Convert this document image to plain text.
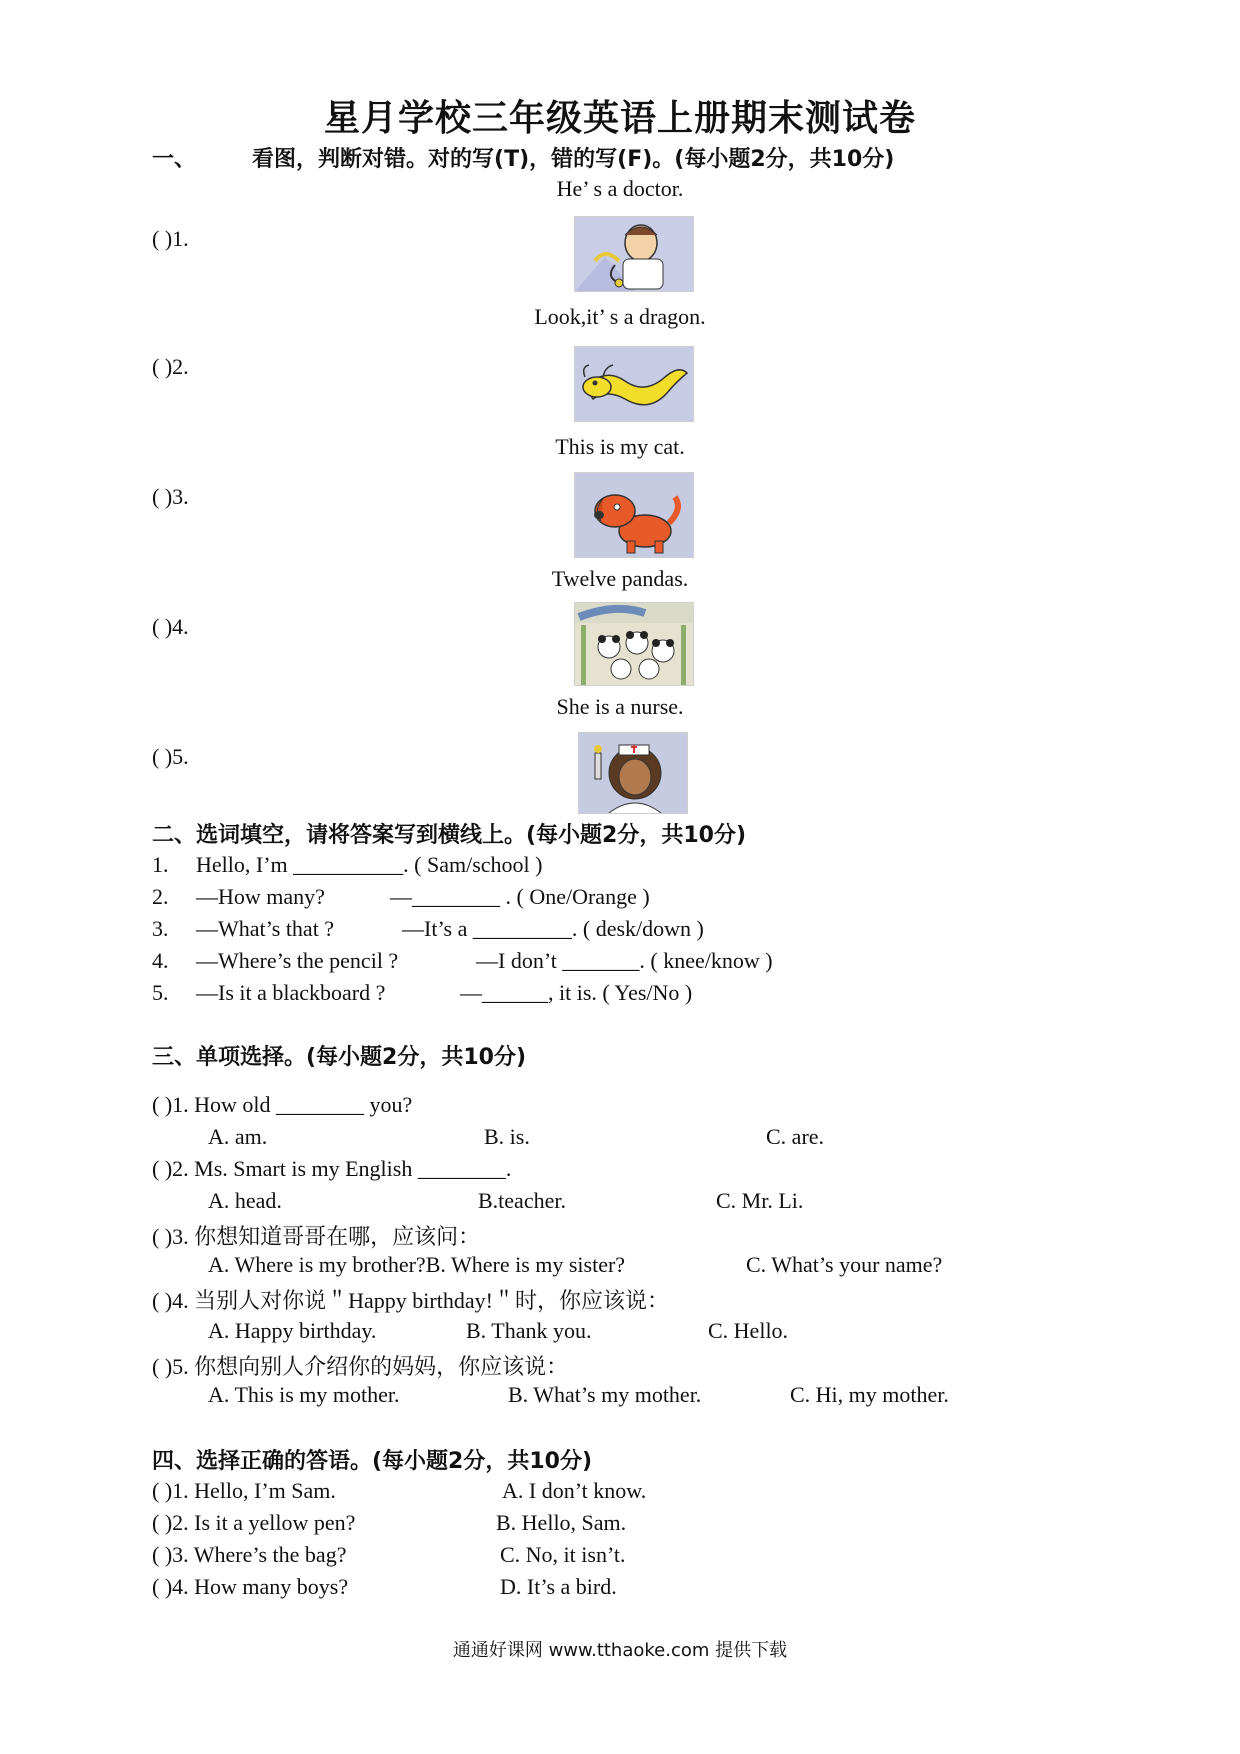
星月学校三年级英语上册期末测试卷
一、	看图，判断对错。对的写(T)，错的写(F)。(每小题2分，共10分)
He’ s a doctor.
( )1.
Look,it’ s a dragon.
( )2.
This is my cat.
( )3.
Twelve pandas.
( )4.
She is a nurse.
( )5.
二、选词填空，请将答案写到横线上。(每小题2分，共10分)
1. Hello, I’m __________. ( Sam/school )
2. —How many?	—________ . ( One/Orange )
3. —What’s that ?	—It’s a _________. ( desk/down )
4. —Where’s the pencil ?	—I don’t _______. ( knee/know )
5. —Is it a blackboard ?	—______, it is. ( Yes/No )
三、单项选择。(每小题2分，共10分)
( )1. How old ________ you?
A. am.	B. is.	C. are.
( )2. Ms. Smart is my English ________.
A. head.	B.teacher.	C. Mr. Li.
( )3. 你想知道哥哥在哪，应该问：
A. Where is my brother?B. Where is my sister?	C. What’s your name?
( )4. 当别人对你说＂Happy birthday!＂时，你应该说：
A. Happy birthday.	B. Thank you.	C. Hello.
( )5. 你想向别人介绍你的妈妈，你应该说：
A. This is my mother.	B. What’s my mother.	C. Hi, my mother.
四、选择正确的答语。(每小题2分，共10分)
( )1. Hello, I’m Sam.	A. I don’t know.
( )2. Is it a yellow pen?	B. Hello, Sam.
( )3. Where’s the bag?	C. No, it isn’t.
( )4. How many boys?	D. It’s a bird.
通通好课网 www.tthaoke.com 提供下载
